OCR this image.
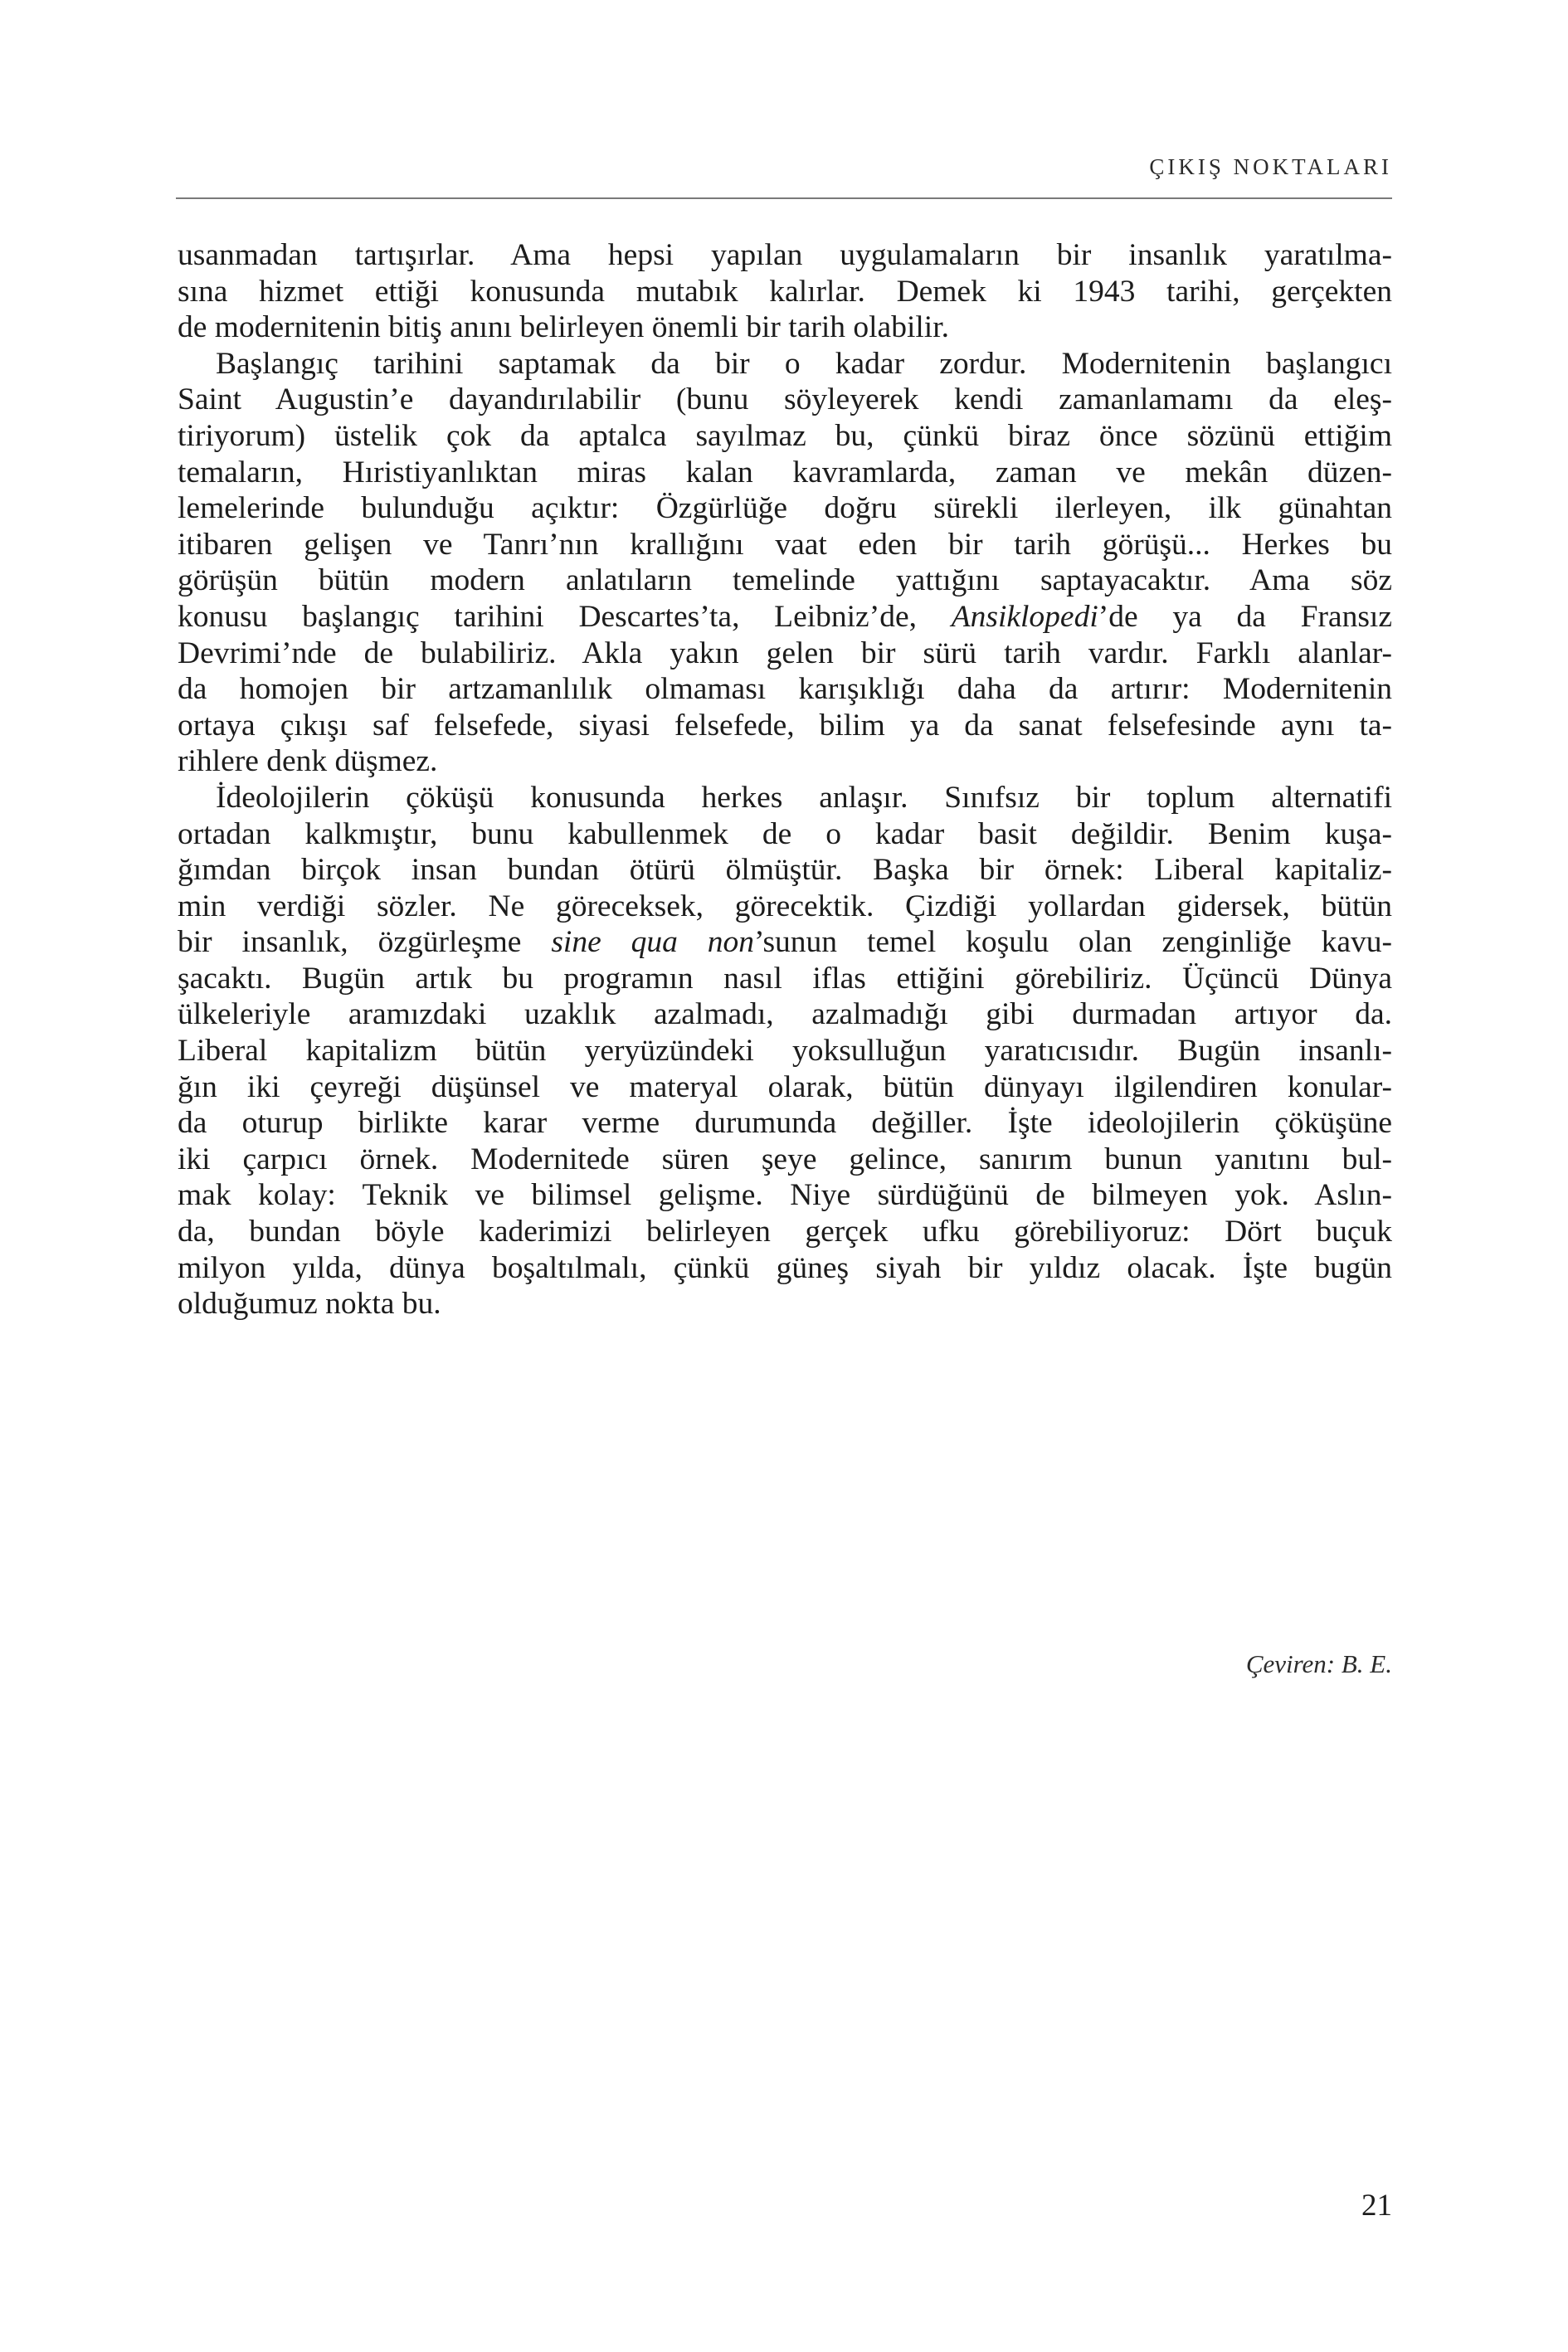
ÇIKIŞ NOKTALARI
usanmadan tartışırlar. Ama hepsi yapılan uygulamaların bir insanlık yaratılma-
sına hizmet ettiği konusunda mutabık kalırlar. Demek ki 1943 tarihi, gerçekten
de modernitenin bitiş anını belirleyen önemli bir tarih olabilir.
Başlangıç tarihini saptamak da bir o kadar zordur. Modernitenin başlangıcı
Saint Augustin’e dayandırılabilir (bunu söyleyerek kendi zamanlamamı da eleş-
tiriyorum) üstelik çok da aptalca sayılmaz bu, çünkü biraz önce sözünü ettiğim
temaların, Hıristiyanlıktan miras kalan kavramlarda, zaman ve mekân düzen-
lemelerinde bulunduğu açıktır: Özgürlüğe doğru sürekli ilerleyen, ilk günahtan
itibaren gelişen ve Tanrı’nın krallığını vaat eden bir tarih görüşü... Herkes bu
görüşün bütün modern anlatıların temelinde yattığını saptayacaktır. Ama söz
konusu başlangıç tarihini Descartes’ta, Leibniz’de, Ansiklopedi’de ya da Fransız
Devrimi’nde de bulabiliriz. Akla yakın gelen bir sürü tarih vardır. Farklı alanlar-
da homojen bir artzamanlılık olmaması karışıklığı daha da artırır: Modernitenin
ortaya çıkışı saf felsefede, siyasi felsefede, bilim ya da sanat felsefesinde aynı ta-
rihlere denk düşmez.
İdeolojilerin çöküşü konusunda herkes anlaşır. Sınıfsız bir toplum alternatifi
ortadan kalkmıştır, bunu kabullenmek de o kadar basit değildir. Benim kuşa-
ğımdan birçok insan bundan ötürü ölmüştür. Başka bir örnek: Liberal kapitaliz-
min verdiği sözler. Ne göreceksek, görecektik. Çizdiği yollardan gidersek, bütün
bir insanlık, özgürleşme sine qua non’sunun temel koşulu olan zenginliğe kavu-
şacaktı. Bugün artık bu programın nasıl iflas ettiğini görebiliriz. Üçüncü Dünya
ülkeleriyle aramızdaki uzaklık azalmadı, azalmadığı gibi durmadan artıyor da.
Liberal kapitalizm bütün yeryüzündeki yoksulluğun yaratıcısıdır. Bugün insanlı-
ğın iki çeyreği düşünsel ve materyal olarak, bütün dünyayı ilgilendiren konular-
da oturup birlikte karar verme durumunda değiller. İşte ideolojilerin çöküşüne
iki çarpıcı örnek. Modernitede süren şeye gelince, sanırım bunun yanıtını bul-
mak kolay: Teknik ve bilimsel gelişme. Niye sürdüğünü de bilmeyen yok. Aslın-
da, bundan böyle kaderimizi belirleyen gerçek ufku görebiliyoruz: Dört buçuk
milyon yılda, dünya boşaltılmalı, çünkü güneş siyah bir yıldız olacak. İşte bugün
olduğumuz nokta bu.
Çeviren: B. E.
21
